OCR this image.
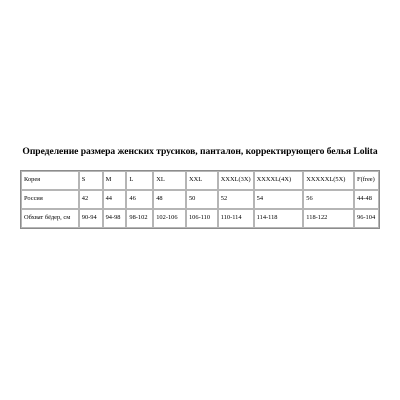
Определение размера женских трусиков, панталон, корректирующего белья Lolita
Корея	S	M	L	XL	XXL	XXXL(3X)	XXXXL(4X)	XXXXXL(5X)	F(free)
Россия	42	44	46	48	50	52	54	56	44-48
Обхват бёдер, см	90-94	94-98	98-102	102-106	106-110	110-114	114-118	118-122	96-104
